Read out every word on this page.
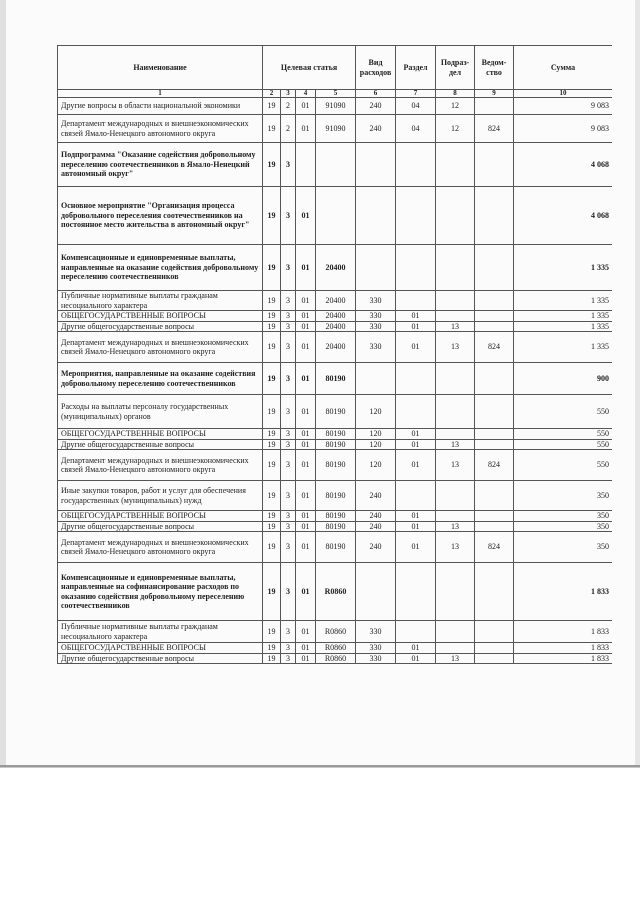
Наименование	Целевая статья				Вид расходов	Раздел	Подраз-дел	Ведом-ство	Сумма
1	2	3	4	5	6	7	8	9	10
Другие вопросы в области национальной экономики	19	2	01	91090	240	04	12		9 083
Департамент международных и внешнеэкономических связей Ямало-Ненецкого автономного округа	19	2	01	91090	240	04	12	824	9 083
Подпрограмма "Оказание содействия добровольному переселению соотечественников в Ямало-Ненецкий автономный округ"	19	3							4 068
Основное мероприятие "Организация процесса добровольного переселения соотечественников на постоянное место жительства в автономный округ"	19	3	01						4 068
Компенсационные и единовременные выплаты, направленные на оказание содействия добровольному переселению соотечественников	19	3	01	20400					1 335
Публичные нормативные выплаты гражданам несоциального характера	19	3	01	20400	330				1 335
ОБЩЕГОСУДАРСТВЕННЫЕ ВОПРОСЫ	19	3	01	20400	330	01			1 335
Другие общегосударственные вопросы	19	3	01	20400	330	01	13		1 335
Департамент международных и внешнеэкономических связей Ямало-Ненецкого автономного округа	19	3	01	20400	330	01	13	824	1 335
Мероприятия, направленные на оказание содействия добровольному переселению соотечественников	19	3	01	80190					900
Расходы на выплаты персоналу государственных (муниципальных) органов	19	3	01	80190	120				550
ОБЩЕГОСУДАРСТВЕННЫЕ ВОПРОСЫ	19	3	01	80190	120	01			550
Другие общегосударственные вопросы	19	3	01	80190	120	01	13		550
Департамент международных и внешнеэкономических связей Ямало-Ненецкого автономного округа	19	3	01	80190	120	01	13	824	550
Иные закупки товаров, работ и услуг для обеспечения государственных (муниципальных) нужд	19	3	01	80190	240				350
ОБЩЕГОСУДАРСТВЕННЫЕ ВОПРОСЫ	19	3	01	80190	240	01			350
Другие общегосударственные вопросы	19	3	01	80190	240	01	13		350
Департамент международных и внешнеэкономических связей Ямало-Ненецкого автономного округа	19	3	01	80190	240	01	13	824	350
Компенсационные и единовременные выплаты, направленные на софинансирование расходов по оказанию содействия добровольному переселению соотечественников	19	3	01	R0860					1 833
Публичные нормативные выплаты гражданам несоциального характера	19	3	01	R0860	330				1 833
ОБЩЕГОСУДАРСТВЕННЫЕ ВОПРОСЫ	19	3	01	R0860	330	01			1 833
Другие общегосударственные вопросы	19	3	01	R0860	330	01	13		1 833
